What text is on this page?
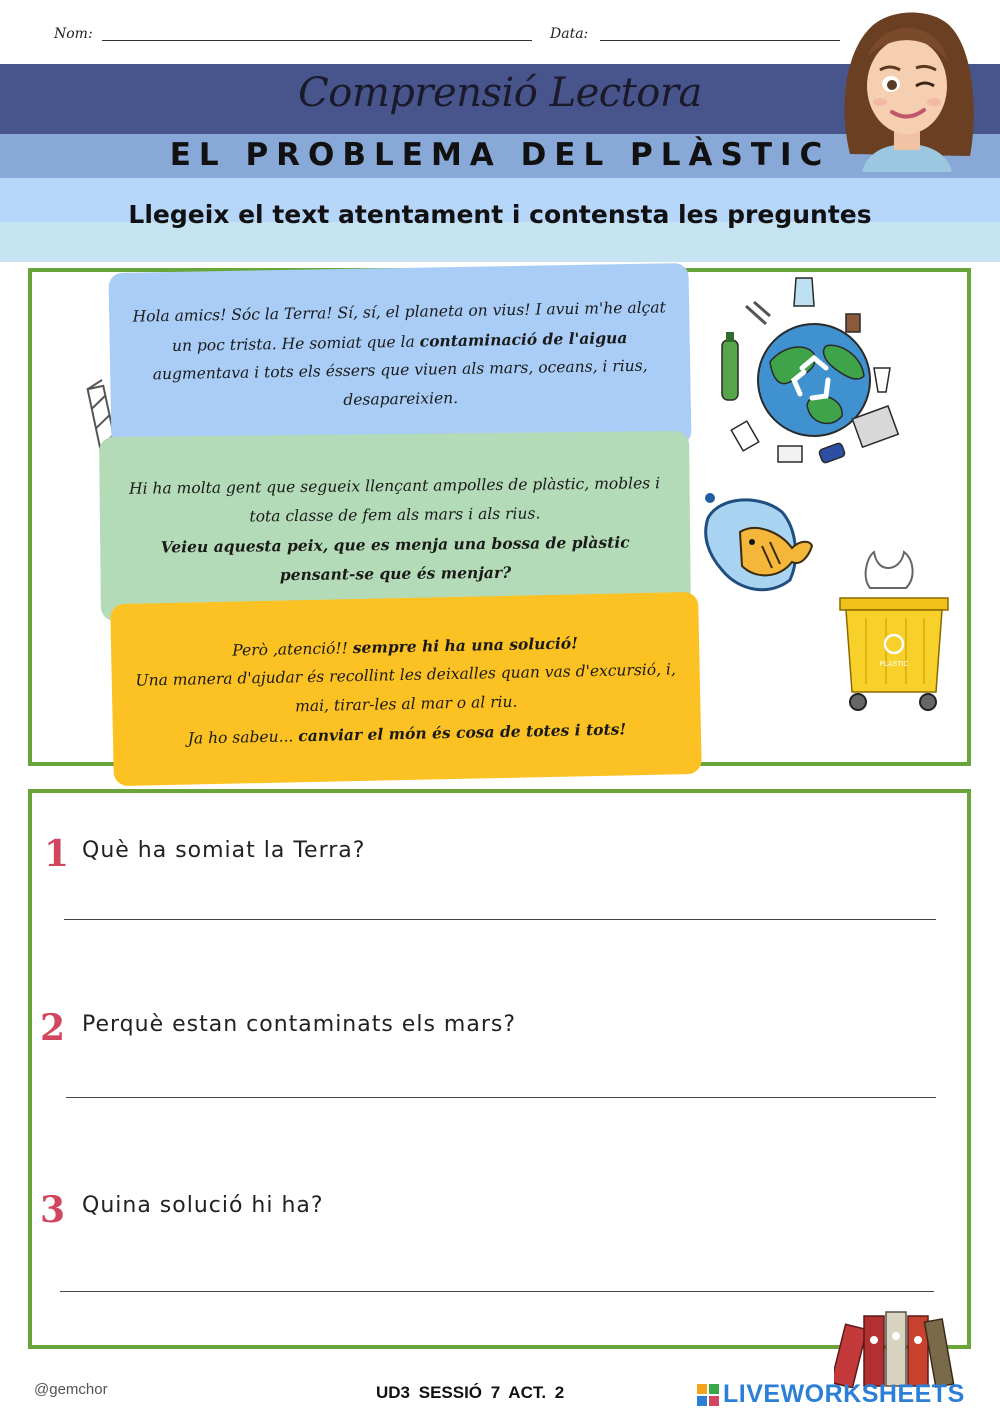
Nom:	Data:
Comprensió Lectora
EL PROBLEMA DEL PLÀSTIC
Llegeix el text atentament i contensta les preguntes
Hola amics! Sóc la Terra! Sí, sí, el planeta on vius! I avui m'he alçat
un poc trista. He somiat que la contaminació de l'aigua
augmentava i tots els éssers que viuen als mars, oceans, i rius,
desapareixien.
Hi ha molta gent que segueix llençant ampolles de plàstic, mobles i
tota classe de fem als mars i als rius.
Veieu aquesta peix, que es menja una bossa de plàstic
pensant-se que és menjar?
Però ,atenció!! sempre hi ha una solució!
Una manera d'ajudar és recollint les deixalles quan vas d'excursió, i,
mai, tirar-les al mar o al riu.
Ja ho sabeu... canviar el món és cosa de totes i tots!
PLÀSTIC
1 Què ha somiat la Terra?
2 Perquè estan contaminats els mars?
3 Quina solució hi ha?
@gemchor	UD3 SESSIÓ 7 ACT. 2	LIVEWORKSHEETS
